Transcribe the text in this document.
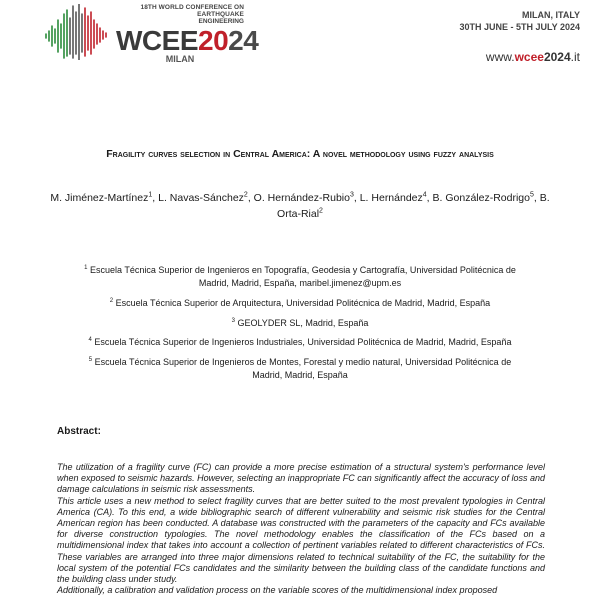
18TH WORLD CONFERENCE ON EARTHQUAKE
ENGINEERING
WCEE2024
MILAN
MILAN, ITALY
30TH JUNE - 5TH JULY 2024
www.wcee2024.it
Fragility curves selection in Central America: A novel methodology using fuzzy analysis
M. Jiménez-Martínez$^1$, L. Navas-Sánchez$^2$, O. Hernández-Rubio$^3$, L. Hernández$^4$, B. González-Rodrigo$^5$, B. Orta-Rial$^2$
$^1$ Escuela Técnica Superior de Ingenieros en Topografía, Geodesia y Cartografía, Universidad Politécnica de
Madrid, Madrid, España, maribel.jimenez@upm.es
$^2$ Escuela Técnica Superior de Arquitectura, Universidad Politécnica de Madrid, Madrid, España
$^3$ GEOLYDER SL, Madrid, España
$^4$ Escuela Técnica Superior de Ingenieros Industriales, Universidad Politécnica de Madrid, Madrid, España
$^5$ Escuela Técnica Superior de Ingenieros de Montes, Forestal y medio natural, Universidad Politécnica de
Madrid, Madrid, España
Abstract:

The utilization of a fragility curve (FC) can provide a more precise estimation of a structural system's performance level when exposed to seismic hazards. However, selecting an inappropriate FC can significantly affect the accuracy of loss and damage calculations in seismic risk assessments.

This article uses a new method to select fragility curves that are better suited to the most prevalent typologies in Central America (CA). To this end, a wide bibliographic search of different vulnerability and seismic risk studies for the Central American region has been conducted. A database was constructed with the parameters of the capacity and FCs available for diverse construction typologies. The novel methodology enables the classification of the FCs based on a multidimensional index that takes into account a collection of pertinent variables related to different characteristics of FCs. These variables are arranged into three major dimensions related to technical suitability of the FC, the suitability for the local system of the potential FCs candidates and the similarity between the building class of the candidate functions and the building class under study.

Additionally, a calibration and validation process on the variable scores of the multidimensional index proposed
